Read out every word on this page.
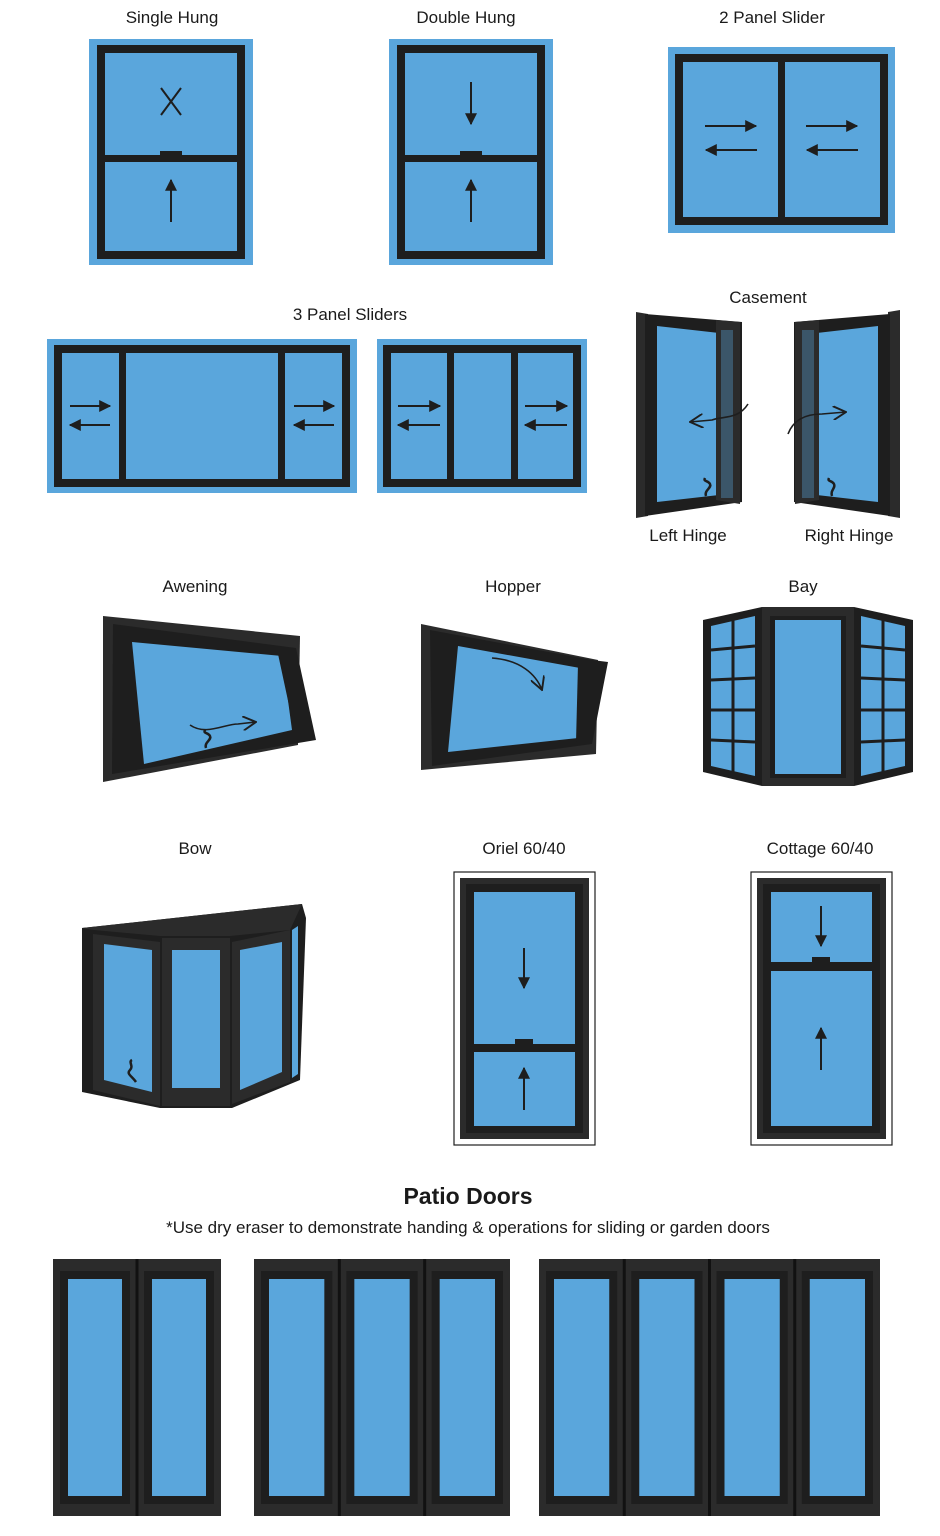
Single Hung	Double Hung	2 Panel Slider
3 Panel Sliders
Casement
Left Hinge	Right Hinge
Awening	Hopper	Bay
Bow	Oriel 60/40	Cottage 60/40
Patio Doors
*Use dry eraser to demonstrate handing & operations for sliding or garden doors
